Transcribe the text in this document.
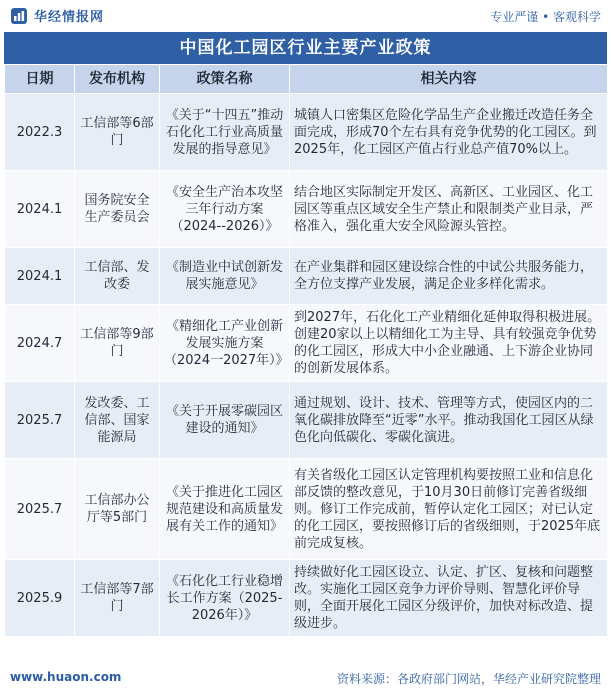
华经情报网	专业严谨 • 客观科学
中国化工园区行业主要产业政策
日期	发布机构	政策名称	相关内容
2022.3	工信部等6部门	《关于“十四五”推动石化化工行业高质量发展的指导意见》	城镇人口密集区危险化学品生产企业搬迁改造任务全面完成，形成70个左右具有竞争优势的化工园区。到2025年，化工园区产值占行业总产值70%以上。
2024.1	国务院安全生产委员会	《安全生产治本攻坚三年行动方案（2024--2026）》	结合地区实际制定开发区、高新区、工业园区、化工园区等重点区域安全生产禁止和限制类产业目录，严格准入，强化重大安全风险源头管控。
2024.1	工信部、发改委	《制造业中试创新发展实施意见》	在产业集群和园区建设综合性的中试公共服务能力，全方位支撑产业发展，满足企业多样化需求。
2024.7	工信部等9部门	《精细化工产业创新发展实施方案（2024一2027年）》	到2027年，石化化工产业精细化延伸取得积极进展。创建20家以上以精细化工为主导、具有较强竞争优势的化工园区，形成大中小企业融通、上下游企业协同的创新发展体系。
2025.7	发改委、工信部、国家能源局	《关于开展零碳园区建设的通知》	通过规划、设计、技术、管理等方式，使园区内的二氧化碳排放降至“近零”水平。推动我国化工园区从绿色化向低碳化、零碳化演进。
2025.7	工信部办公厅等5部门	《关于推进化工园区规范建设和高质量发展有关工作的通知》	有关省级化工园区认定管理机构要按照工业和信息化部反馈的整改意见，于10月30日前修订完善省级细则。修订工作完成前，暂停认定化工园区；对已认定的化工园区，要按照修订后的省级细则，于2025年底前完成复核。
2025.9	工信部等7部门	《石化化工行业稳增长工作方案（2025-2026年）》	持续做好化工园区设立、认定、扩区、复核和问题整改。实施化工园区竞争力评价导则、智慧化评价导则，全面开展化工园区分级评价，加快对标改造、提级进步。
www.huaon.com	资料来源：各政府部门网站，华经产业研究院整理
